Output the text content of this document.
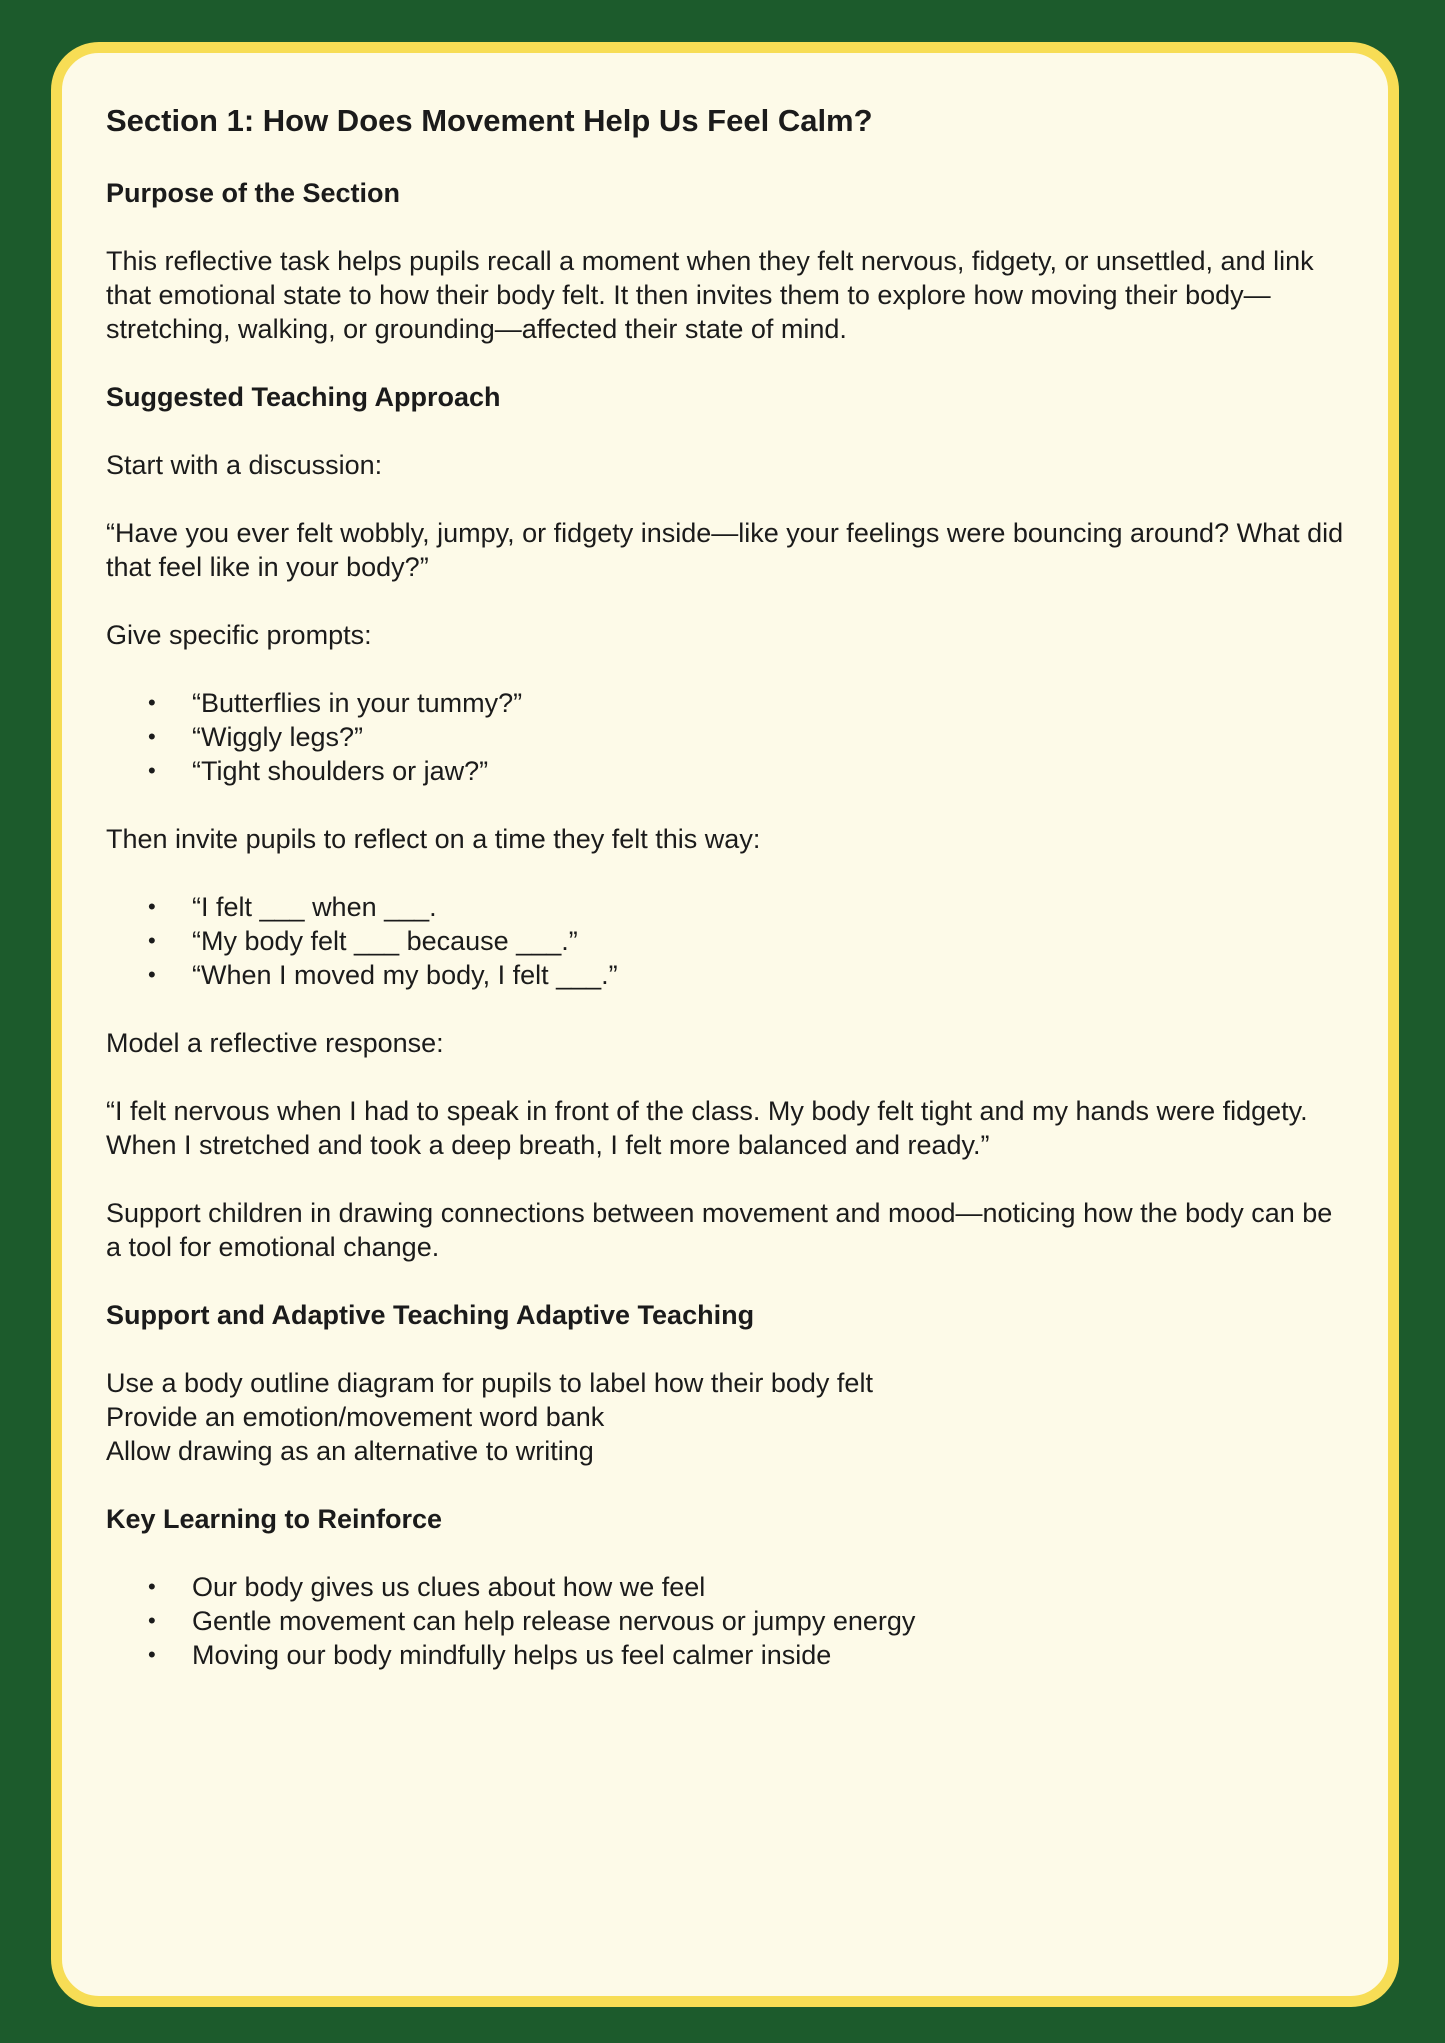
Section 1: How Does Movement Help Us Feel Calm?
Purpose of the Section

This reflective task helps pupils recall a moment when they felt nervous, fidgety, or unsettled, and link that emotional state to how their body felt. It then invites them to explore how moving their body—stretching, walking, or grounding—affected their state of mind.

Suggested Teaching Approach

Start with a discussion:

“Have you ever felt wobbly, jumpy, or fidgety inside—like your feelings were bouncing around? What did that feel like in your body?”

Give specific prompts:

• “Butterflies in your tummy?”
• “Wiggly legs?”
• “Tight shoulders or jaw?”

Then invite pupils to reflect on a time they felt this way:

• “I felt ___ when ___.
• “My body felt ___ because ___.”
• “When I moved my body, I felt ___.”

Model a reflective response:

“I felt nervous when I had to speak in front of the class. My body felt tight and my hands were fidgety. When I stretched and took a deep breath, I felt more balanced and ready.”

Support children in drawing connections between movement and mood—noticing how the body can be a tool for emotional change.

Support and Adaptive Teaching Adaptive Teaching
Use a body outline diagram for pupils to label how their body felt
Provide an emotion/movement word bank
Allow drawing as an alternative to writing
Key Learning to Reinforce
• Our body gives us clues about how we feel
• Gentle movement can help release nervous or jumpy energy
• Moving our body mindfully helps us feel calmer inside
